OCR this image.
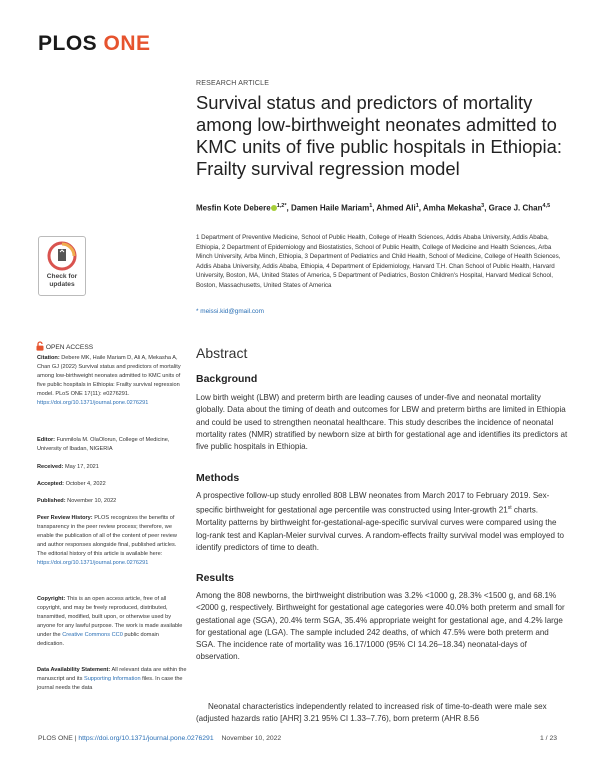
PLOS ONE
Check for
updates
OPEN ACCESS
Citation: Debere MK, Haile Mariam D, Ali A, Mekasha A, Chan GJ (2022) Survival status and predictors of mortality among low-birthweight neonates admitted to KMC units of five public hospitals in Ethiopia: Frailty survival regression model. PLoS ONE 17(11): e0276291. https://doi.org/10.1371/journal.pone.0276291
Editor: Funmilola M. OlaOlorun, College of Medicine, University of Ibadan, NIGERIA
Received: May 17, 2021
Accepted: October 4, 2022
Published: November 10, 2022
Peer Review History: PLOS recognizes the benefits of transparency in the peer review process; therefore, we enable the publication of all of the content of peer review and author responses alongside final, published articles. The editorial history of this article is available here: https://doi.org/10.1371/journal.pone.0276291
Copyright: This is an open access article, free of all copyright, and may be freely reproduced, distributed, transmitted, modified, built upon, or otherwise used by anyone for any lawful purpose. The work is made available under the Creative Commons CC0 public domain dedication.
Data Availability Statement: All relevant data are within the manuscript and its Supporting Information files. In case the journal needs the data
RESEARCH ARTICLE
Survival status and predictors of mortality among low-birthweight neonates admitted to KMC units of five public hospitals in Ethiopia: Frailty survival regression model
Mesfin Kote Debere $^{1,2*}$, Damen Haile Mariam$^1$, Ahmed Ali$^1$, Amha Mekasha$^3$, Grace J. Chan$^{4,5}$
1 Department of Preventive Medicine, School of Public Health, College of Health Sciences, Addis Ababa University, Addis Ababa, Ethiopia, 2 Department of Epidemiology and Biostatistics, School of Public Health, College of Medicine and Health Sciences, Arba Minch University, Arba Minch, Ethiopia, 3 Department of Pediatrics and Child Health, School of Medicine, College of Health Sciences, Addis Ababa University, Addis Ababa, Ethiopia, 4 Department of Epidemiology, Harvard T.H. Chan School of Public Health, Harvard University, Boston, MA, United States of America, 5 Department of Pediatrics, Boston Children's Hospital, Harvard Medical School, Boston, Massachusetts, United States of America
* meissi.kid@gmail.com
Abstract
Background
Low birth weight (LBW) and preterm birth are leading causes of under-five and neonatal mortality globally. Data about the timing of death and outcomes for LBW and preterm births are limited in Ethiopia and could be used to strengthen neonatal healthcare. This study describes the incidence of neonatal mortality rates (NMR) stratified by newborn size at birth for gestational age and identifies its predictors at five public hospitals in Ethiopia.
Methods
A prospective follow-up study enrolled 808 LBW neonates from March 2017 to February 2019. Sex-specific birthweight for gestational age percentile was constructed using Inter-growth 21st charts. Mortality patterns by birthweight for-gestational-age-specific survival curves were compared using the log-rank test and Kaplan-Meier survival curves. A random-effects frailty survival model was employed to identify predictors of time to death.
Results
Among the 808 newborns, the birthweight distribution was 3.2% <1000 g, 28.3% <1500 g, and 68.1% <2000 g, respectively. Birthweight for gestational age categories were 40.0% both preterm and small for gestational age (SGA), 20.4% term SGA, 35.4% appropriate weight for gestational age, and 4.2% large for gestational age (LGA). The sample included 242 deaths, of which 47.5% were both preterm and SGA. The incidence rate of mortality was 16.17/1000 (95% CI 14.26–18.34) neonatal-days of observation.
Neonatal characteristics independently related to increased risk of time-to-death were male sex (adjusted hazards ratio [AHR] 3.21 95% CI 1.33–7.76), born preterm (AHR 8.56
PLOS ONE | https://doi.org/10.1371/journal.pone.0276291 November 10, 2022	1 / 23
